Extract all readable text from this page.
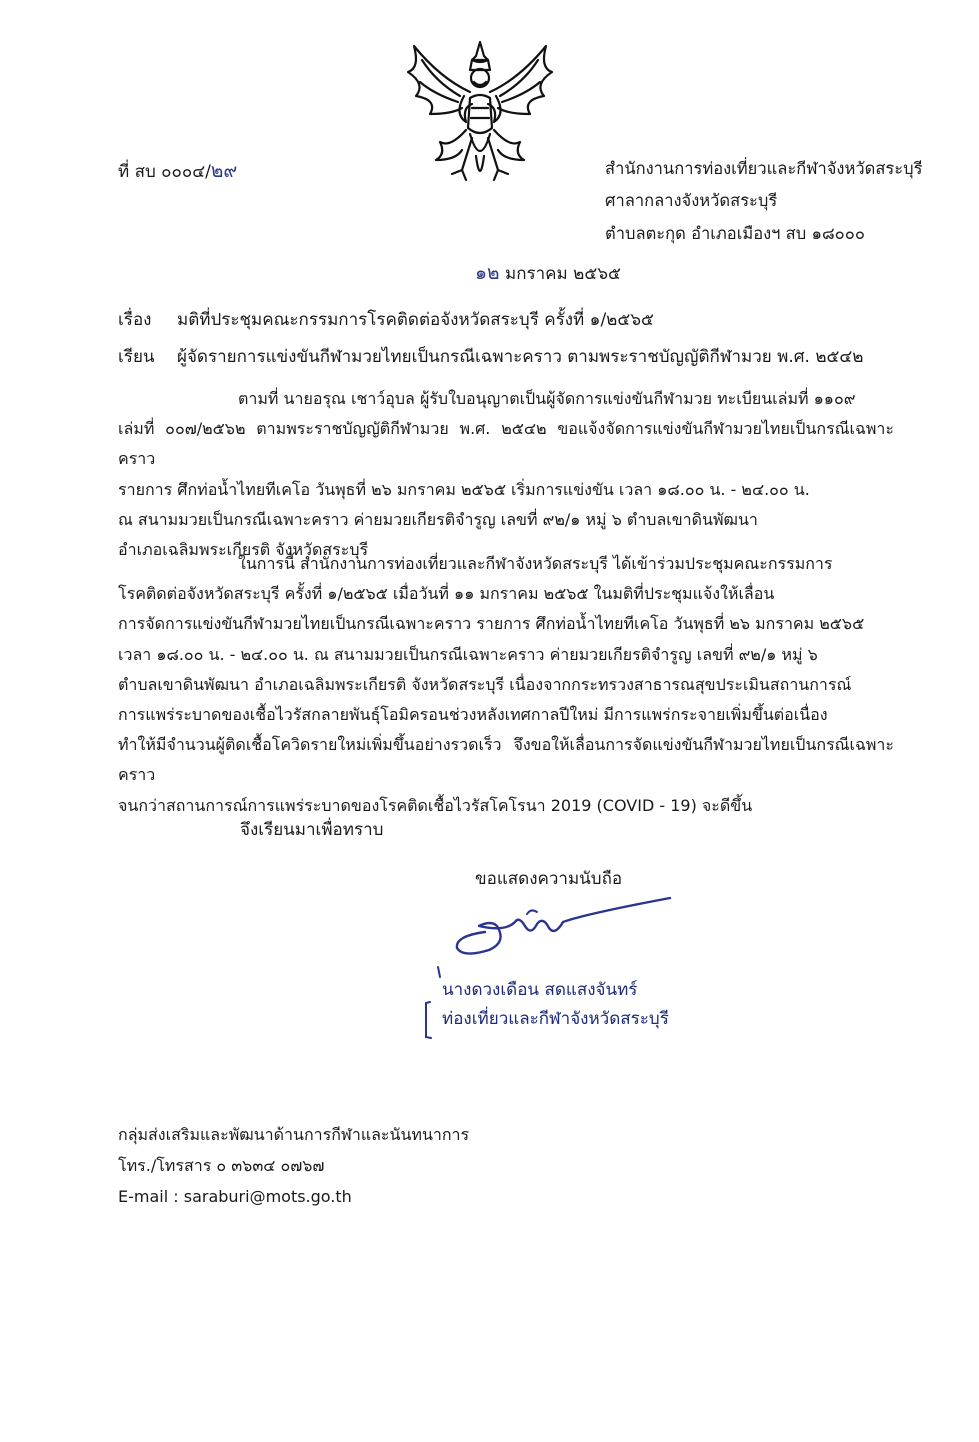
ที่ สบ ๐๐๐๔/๒๙	สำนักงานการท่องเที่ยวและกีฬาจังหวัดสระบุรี
ศาลากลางจังหวัดสระบุรี
ตำบลตะกุด อำเภอเมืองฯ สบ ๑๘๐๐๐
๑๒ มกราคม ๒๕๖๕
เรื่อง มติที่ประชุมคณะกรรมการโรคติดต่อจังหวัดสระบุรี ครั้งที่ ๑/๒๕๖๕
เรียน ผู้จัดรายการแข่งขันกีฬามวยไทยเป็นกรณีเฉพาะคราว ตามพระราชบัญญัติกีฬามวย พ.ศ. ๒๕๔๒
ตามที่ นายอรุณ เชาว์อุบล ผู้รับใบอนุญาตเป็นผู้จัดการแข่งขันกีฬามวย ทะเบียนเล่มที่ ๑๑๐๙
เล่มที่ ๐๐๗/๒๕๖๒ ตามพระราชบัญญัติกีฬามวย พ.ศ. ๒๕๔๒ ขอแจ้งจัดการแข่งขันกีฬามวยไทยเป็นกรณีเฉพาะคราว
รายการ ศึกท่อน้ำไทยทีเคโอ วันพุธที่ ๒๖ มกราคม ๒๕๖๕ เริ่มการแข่งขัน เวลา ๑๘.๐๐ น. - ๒๔.๐๐ น.
ณ สนามมวยเป็นกรณีเฉพาะคราว ค่ายมวยเกียรติจำรูญ เลขที่ ๙๒/๑ หมู่ ๖ ตำบลเขาดินพัฒนา
อำเภอเฉลิมพระเกียรติ จังหวัดสระบุรี
ในการนี้ สำนักงานการท่องเที่ยวและกีฬาจังหวัดสระบุรี ได้เข้าร่วมประชุมคณะกรรมการ
โรคติดต่อจังหวัดสระบุรี ครั้งที่ ๑/๒๕๖๕ เมื่อวันที่ ๑๑ มกราคม ๒๕๖๕ ในมติที่ประชุมแจ้งให้เลื่อน
การจัดการแข่งขันกีฬามวยไทยเป็นกรณีเฉพาะคราว รายการ ศึกท่อน้ำไทยทีเคโอ วันพุธที่ ๒๖ มกราคม ๒๕๖๕
เวลา ๑๘.๐๐ น. - ๒๔.๐๐ น. ณ สนามมวยเป็นกรณีเฉพาะคราว ค่ายมวยเกียรติจำรูญ เลขที่ ๙๒/๑ หมู่ ๖
ตำบลเขาดินพัฒนา อำเภอเฉลิมพระเกียรติ จังหวัดสระบุรี เนื่องจากกระทรวงสาธารณสุขประเมินสถานการณ์
การแพร่ระบาดของเชื้อไวรัสกลายพันธุ์โอมิครอนช่วงหลังเทศกาลปีใหม่ มีการแพร่กระจายเพิ่มขึ้นต่อเนื่อง
ทำให้มีจำนวนผู้ติดเชื้อโควิดรายใหม่เพิ่มขึ้นอย่างรวดเร็ว จึงขอให้เลื่อนการจัดแข่งขันกีฬามวยไทยเป็นกรณีเฉพาะคราว
จนกว่าสถานการณ์การแพร่ระบาดของโรคติดเชื้อไวรัสโคโรนา 2019 (COVID - 19) จะดีขึ้น
จึงเรียนมาเพื่อทราบ
ขอแสดงความนับถือ
นางดวงเดือน สดแสงจันทร์
ท่องเที่ยวและกีฬาจังหวัดสระบุรี
กลุ่มส่งเสริมและพัฒนาด้านการกีฬาและนันทนาการ
โทร./โทรสาร ๐ ๓๖๓๔ ๐๗๖๗
E-mail : saraburi@mots.go.th
